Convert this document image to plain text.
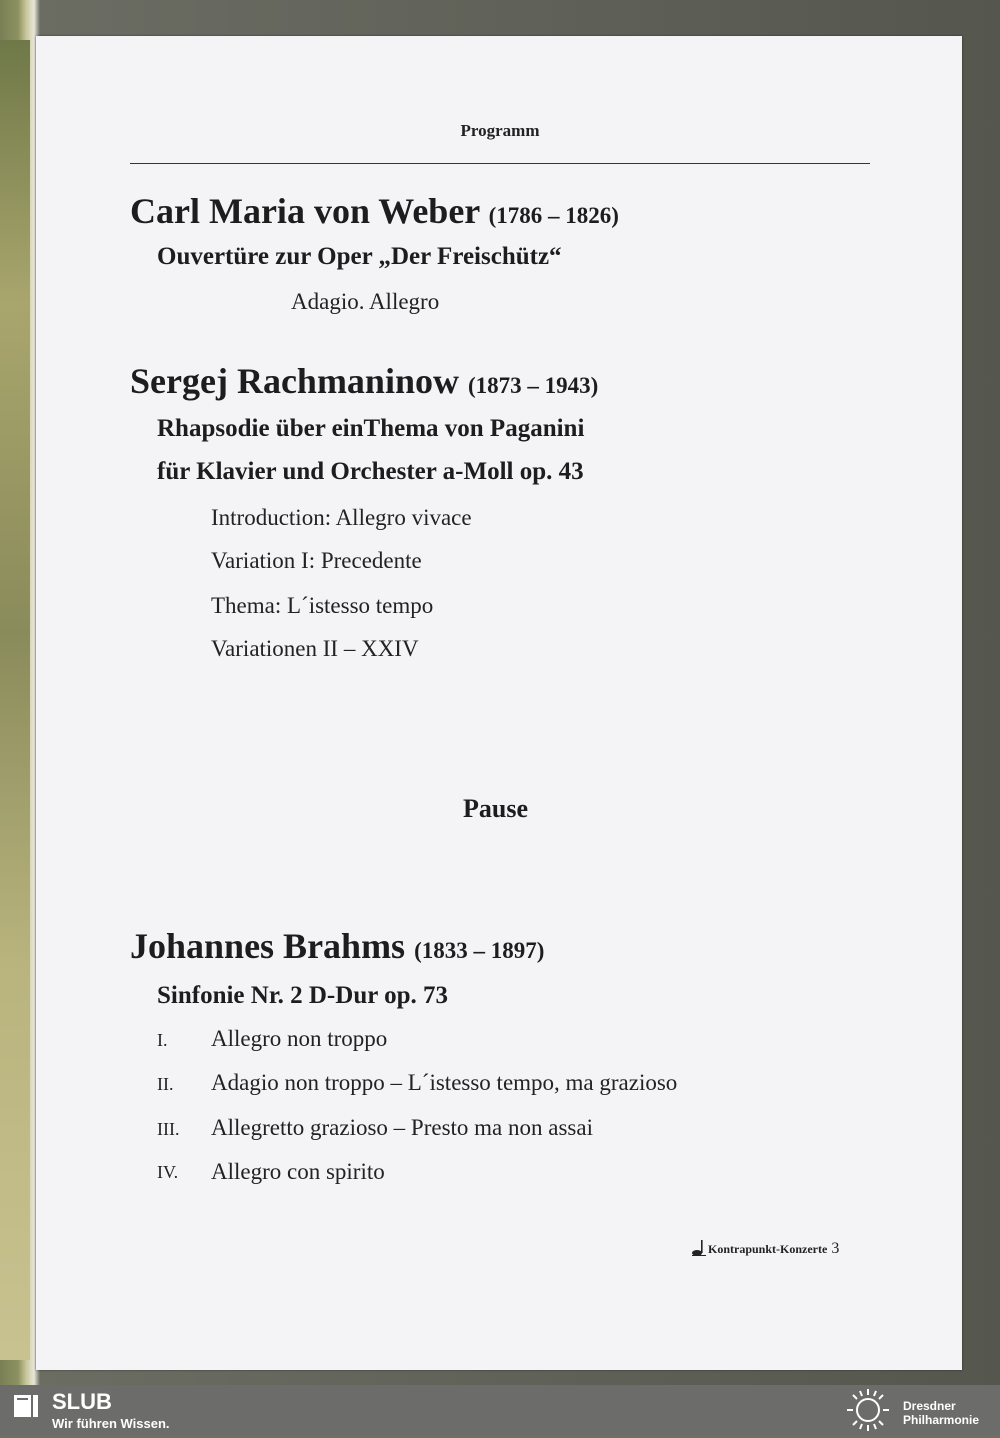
Programm
Carl Maria von Weber (1786 – 1826)
Ouvertüre zur Oper „Der Freischütz“
Adagio. Allegro
Sergej Rachmaninow (1873 – 1943)
Rhapsodie über einThema von Paganini
für Klavier und Orchester a-Moll op. 43
Introduction: Allegro vivace
Variation I: Precedente
Thema: L´istesso tempo
Variationen II – XXIV
Pause
Johannes Brahms (1833 – 1897)
Sinfonie Nr. 2 D-Dur op. 73
I. Allegro non troppo
II. Adagio non troppo – L´istesso tempo, ma grazioso
III. Allegretto grazioso – Presto ma non assai
IV. Allegro con spirito
Kontrapunkt-Konzerte 3
SLUB
Wir führen Wissen.
Dresdner
Philharmonie
